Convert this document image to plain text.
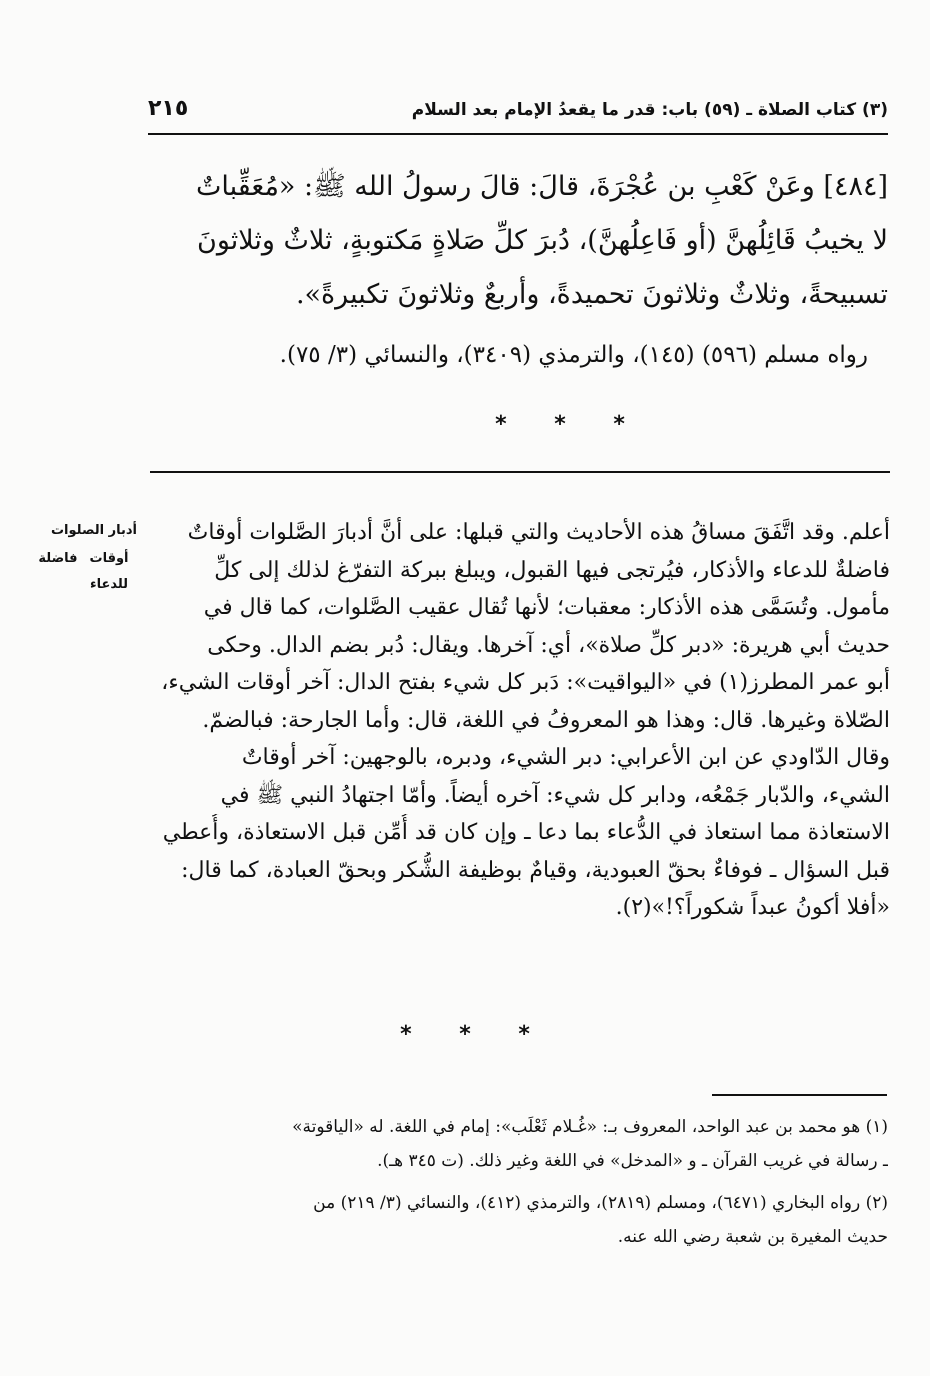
(٣) كتاب الصلاة ـ (٥٩) باب: قدر ما يقعدُ الإمام بعد السلام
٢١٥
[٤٨٤] وعَنْ كَعْبِ بن عُجْرَةَ، قالَ: قالَ رسولُ الله ﷺ: «مُعَقِّباتٌ
لا يخيبُ قَائِلُهنَّ (أو فَاعِلُهنَّ)، دُبرَ كلِّ صَلاةٍ مَكتوبةٍ، ثلاثٌ وثلاثونَ
تسبيحةً، وثلاثٌ وثلاثونَ تحميدةً، وأربعٌ وثلاثونَ تكبيرةً».
رواه مسلم (٥٩٦) (١٤٥)، والترمذي (٣٤٠٩)، والنسائي (٣/ ٧٥).
* * *
أعلم. وقد اتَّفَقَ مساقُ هذه الأحاديث والتي قبلها: على أنَّ أدبارَ الصَّلوات أوقاتٌ
فاضلةٌ للدعاء والأذكار، فيُرتجى فيها القبول، ويبلغ ببركة التفرّغ لذلك إلى كلِّ
مأمول. وتُسَمَّى هذه الأذكار: معقبات؛ لأنها تُقال عقيب الصَّلوات، كما قال في
حديث أبي هريرة: «دبر كلِّ صلاة»، أي: آخرها. ويقال: دُبر بضم الدال. وحكى
أبو عمر المطرز(١) في «اليواقيت»: دَبر كل شيء بفتح الدال: آخر أوقات الشيء،
الصّلاة وغيرها. قال: وهذا هو المعروفُ في اللغة، قال: وأما الجارحة: فبالضمّ.
وقال الدّاودي عن ابن الأعرابي: دبر الشيء، ودبره، بالوجهين: آخر أوقاتٌ
الشيء، والدّبار جَمْعُه، ودابر كل شيء: آخره أيضاً. وأمّا اجتهادُ النبي ﷺ في
الاستعاذة مما استعاذ في الدُّعاء بما دعا ـ وإن كان قد أُمِّن قبل الاستعاذة، وأُعطي
قبل السؤال ـ فوفاءٌ بحقّ العبودية، وقيامٌ بوظيفة الشُّكر وبحقّ العبادة، كما قال:
«أفلا أكونُ عبداً شكوراً؟!»(٢).
أدبار الصلوات
أوقات
فاضلة
للدعاء
* * *
(١) هو محمد بن عبد الواحد، المعروف بـ: «غُـلام ثَعْلَب»: إمام في اللغة. له «الياقوتة»
ـ رسالة في غريب القرآن ـ و «المدخل» في اللغة وغير ذلك. (ت ٣٤٥ هـ).
(٢) رواه البخاري (٦٤٧١)، ومسلم (٢٨١٩)، والترمذي (٤١٢)، والنسائي (٣/ ٢١٩) من
حديث المغيرة بن شعبة رضي الله عنه.
